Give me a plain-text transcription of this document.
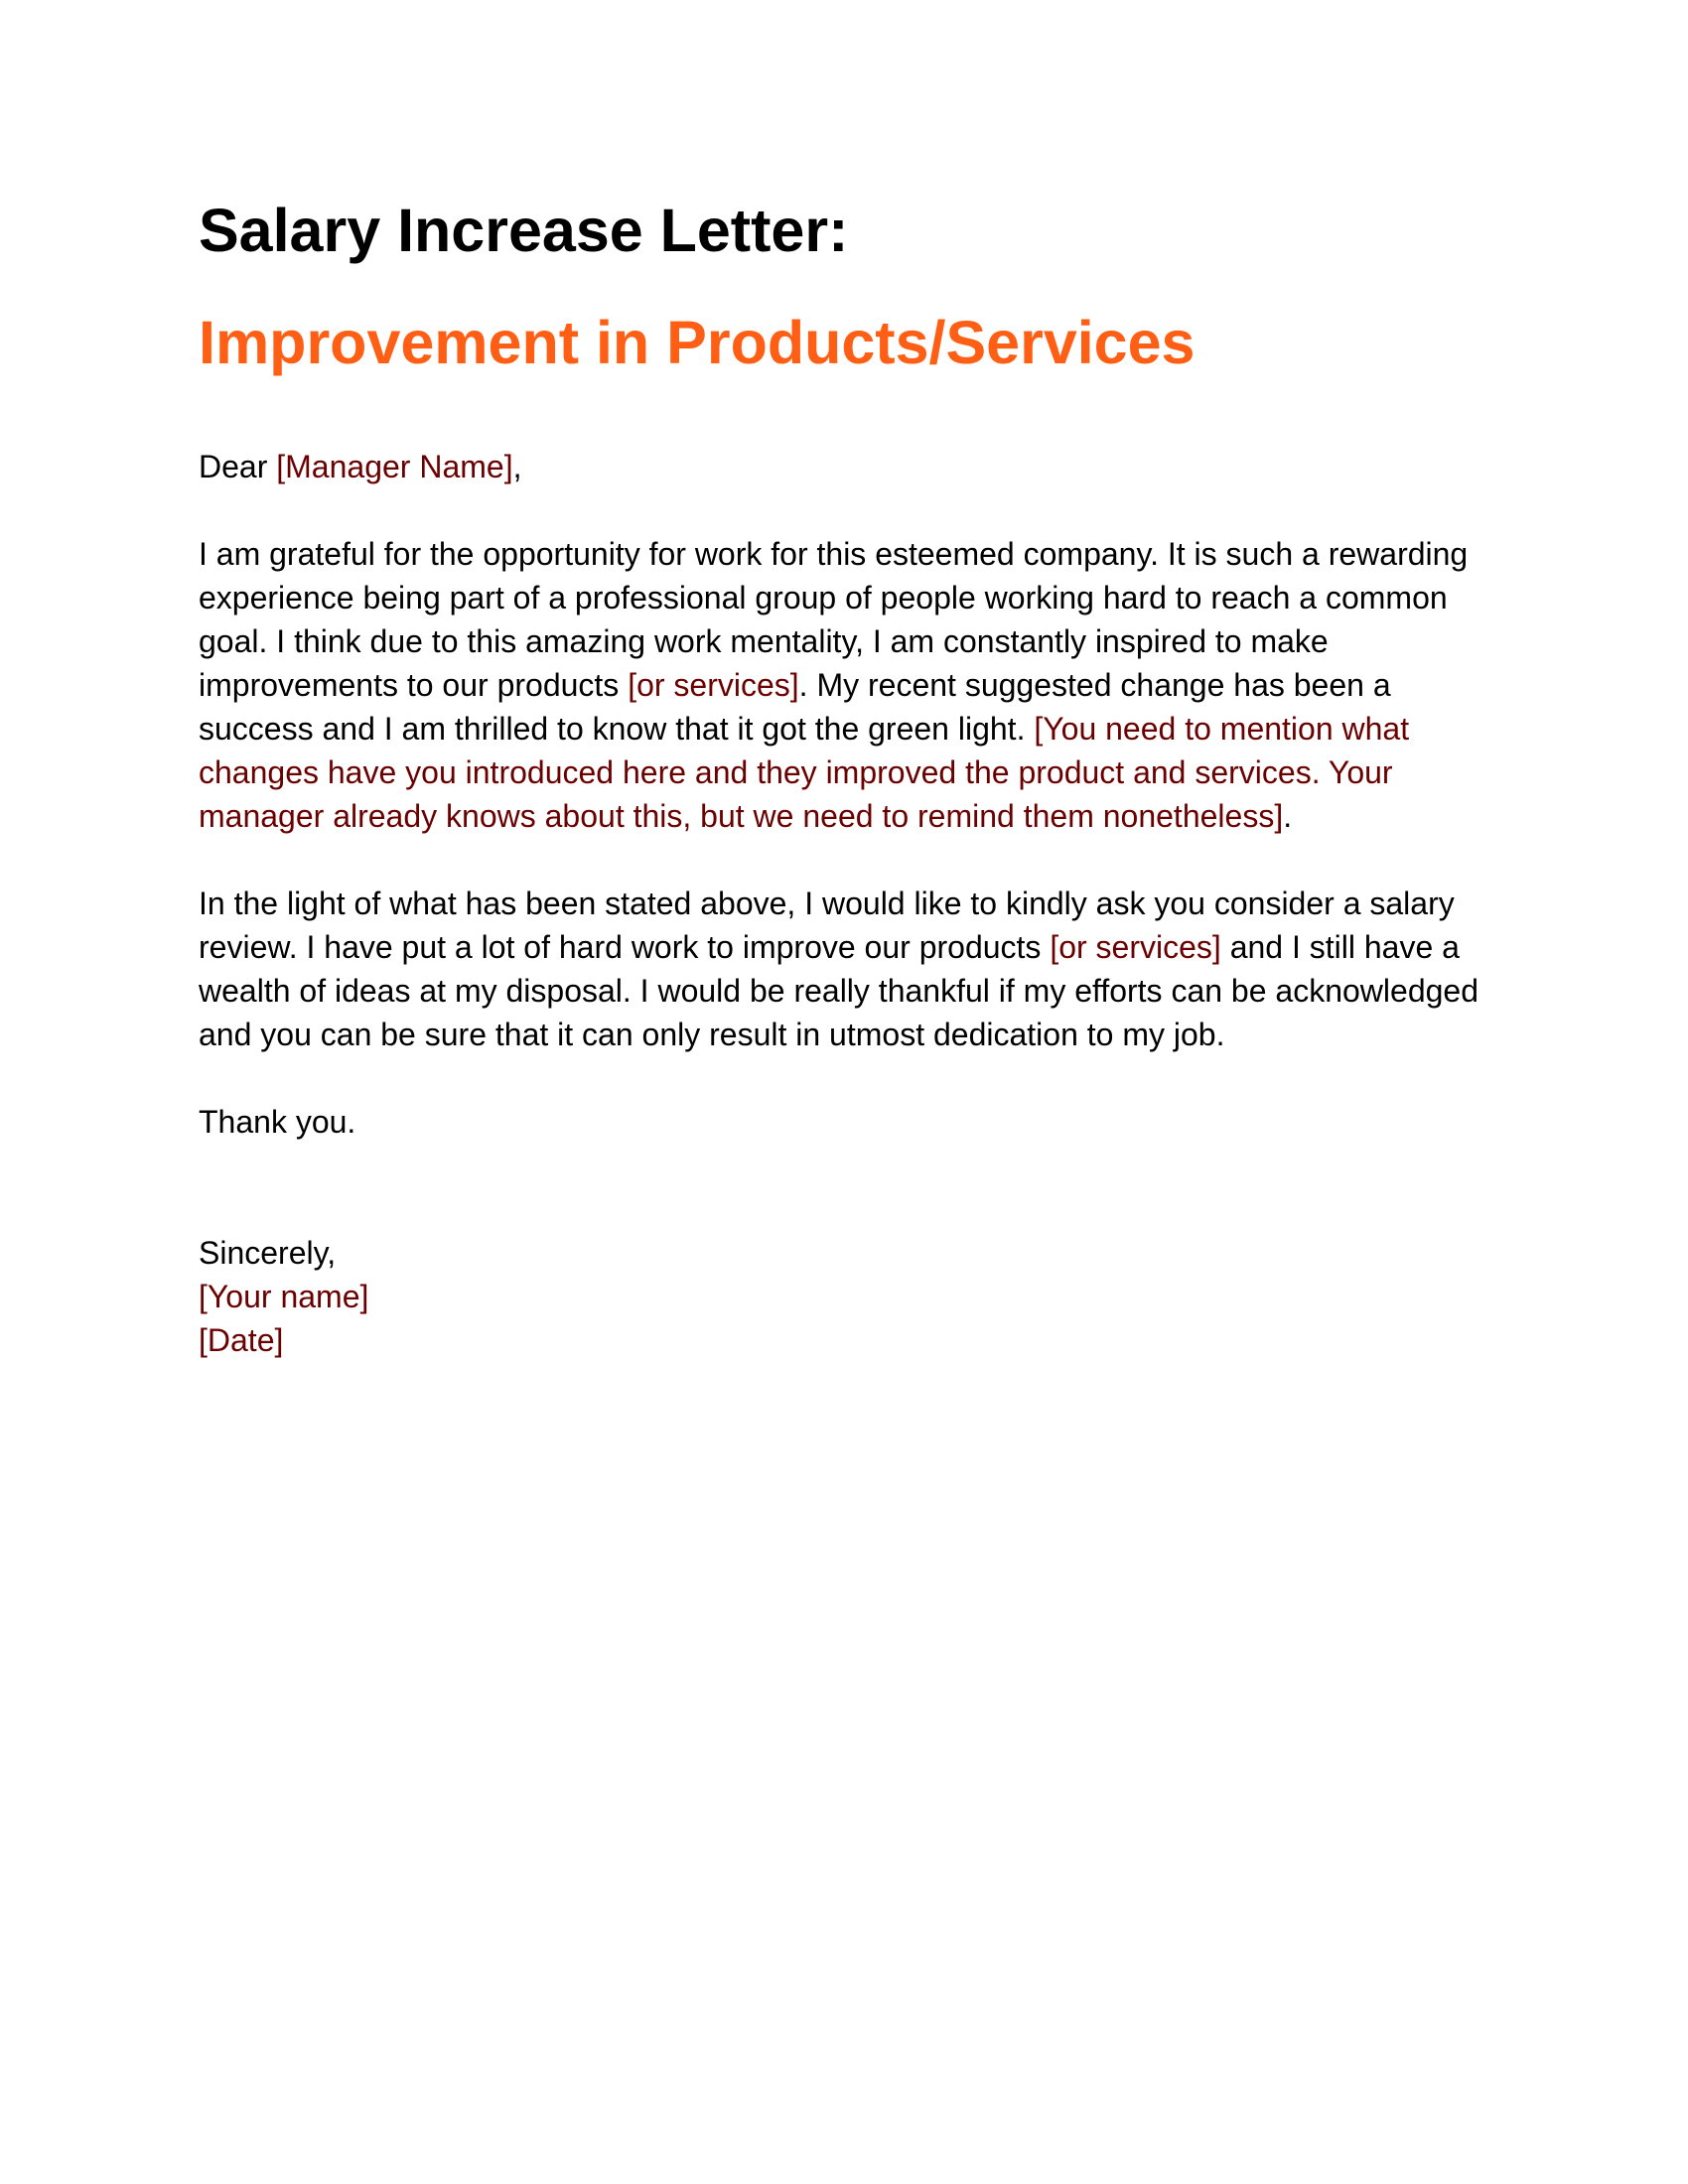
Salary Increase Letter:
Improvement in Products/Services

Dear [Manager Name],

I am grateful for the opportunity for work for this esteemed company. It is such a rewarding experience being part of a professional group of people working hard to reach a common goal. I think due to this amazing work mentality, I am constantly inspired to make improvements to our products [or services]. My recent suggested change has been a success and I am thrilled to know that it got the green light. [You need to mention what changes have you introduced here and they improved the product and services. Your manager already knows about this, but we need to remind them nonetheless].

In the light of what has been stated above, I would like to kindly ask you consider a salary review. I have put a lot of hard work to improve our products [or services] and I still have a wealth of ideas at my disposal. I would be really thankful if my efforts can be acknowledged and you can be sure that it can only result in utmost dedication to my job.

Thank you.

Sincerely,
[Your name]
[Date]
